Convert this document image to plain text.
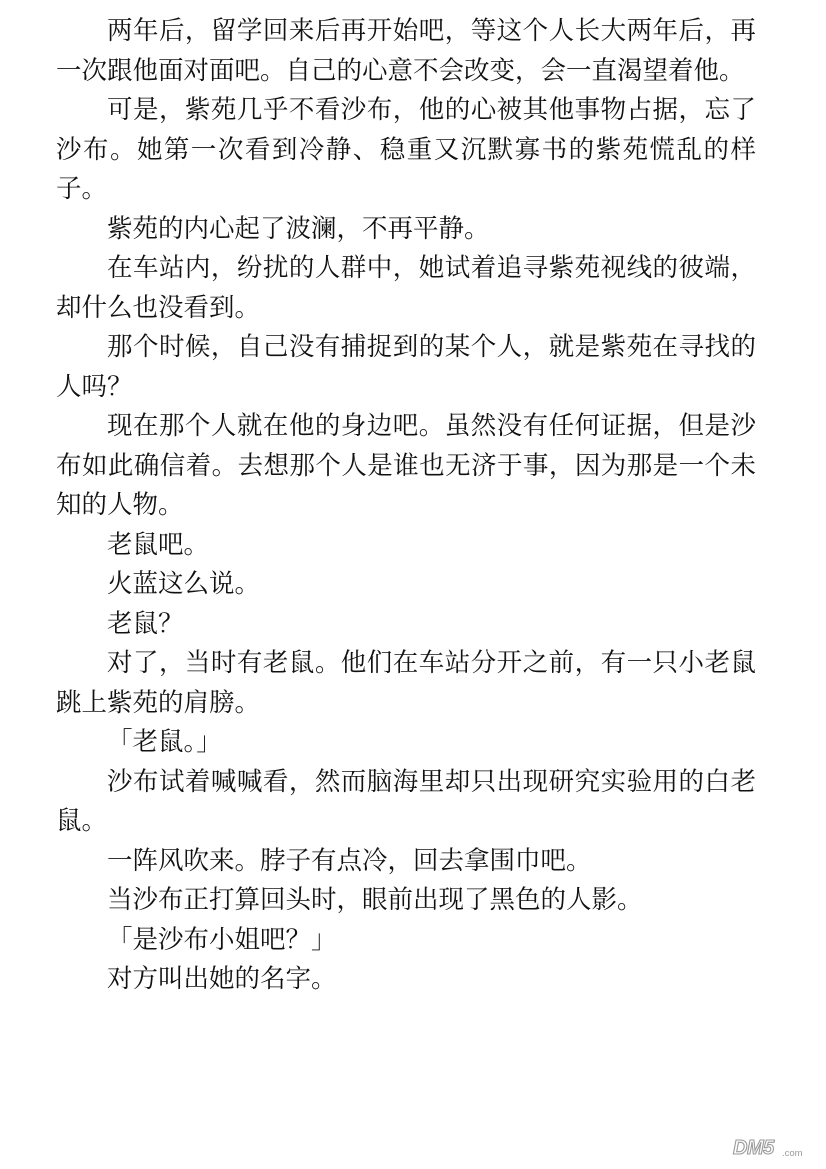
两年后，留学回来后再开始吧，等这个人长大两年后，再一次跟他面对面吧。自己的心意不会改变，会一直渴望着他。

可是，紫苑几乎不看沙布，他的心被其他事物占据，忘了沙布。她第一次看到冷静、稳重又沉默寡书的紫苑慌乱的样子。

紫苑的内心起了波澜，不再平静。

在车站内，纷扰的人群中，她试着追寻紫苑视线的彼端，却什么也没看到。

那个时候，自己没有捕捉到的某个人，就是紫苑在寻找的人吗？

现在那个人就在他的身边吧。虽然没有任何证据，但是沙布如此确信着。去想那个人是谁也无济于事，因为那是一个未知的人物。

老鼠吧。

火蓝这么说。

老鼠？

对了，当时有老鼠。他们在车站分开之前，有一只小老鼠跳上紫苑的肩膀。

「老鼠。」

沙布试着喊喊看，然而脑海里却只出现研究实验用的白老鼠。

一阵风吹来。脖子有点冷，回去拿围巾吧。

当沙布正打算回头时，眼前出现了黑色的人影。

「是沙布小姐吧？」

对方叫出她的名字。

DM5 .com
